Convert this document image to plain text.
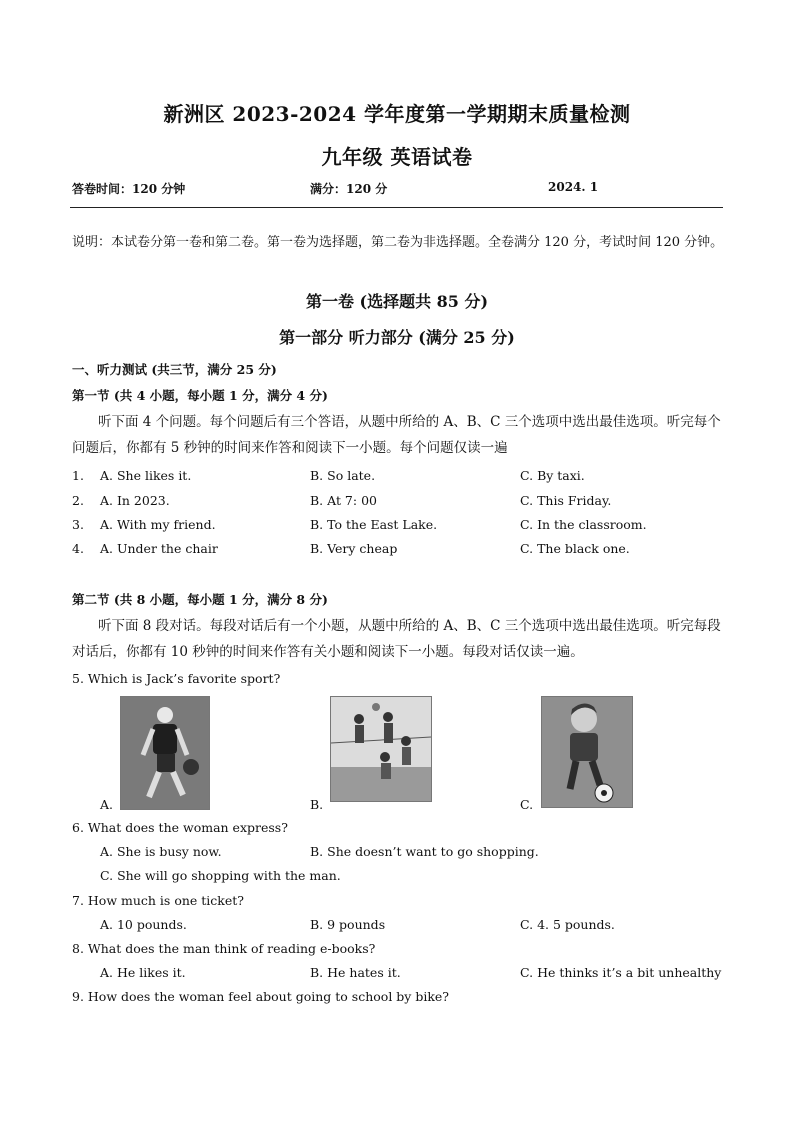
新洲区 2023-2024 学年度第一学期期末质量检测
九年级 英语试卷
答卷时间：120 分钟	满分：120 分	2024. 1
说明：本试卷分第一卷和第二卷。第一卷为选择题，第二卷为非选择题。全卷满分 120 分，考试时间 120 分钟。
第一卷 (选择题共 85 分)
第一部分 听力部分 (满分 25 分)
一、听力测试 (共三节，满分 25 分)
第一节 (共 4 小题，每小题 1 分，满分 4 分)
听下面 4 个问题。每个问题后有三个答语，从题中所给的 A、B、C 三个选项中选出最佳选项。听完每个问题后，你都有 5 秒钟的时间来作答和阅读下一小题。每个问题仅读一遍
1. A. She likes it.	B. So late.	C. By taxi.
2. A. In 2023.	B. At 7: 00	C. This Friday.
3. A. With my friend.	B. To the East Lake.	C. In the classroom.
4. A. Under the chair	B. Very cheap	C. The black one.
第二节 (共 8 小题，每小题 1 分，满分 8 分)
听下面 8 段对话。每段对话后有一个小题，从题中所给的 A、B、C 三个选项中选出最佳选项。听完每段对话后，你都有 10 秒钟的时间来作答有关小题和阅读下一小题。每段对话仅读一遍。
5. Which is Jack’s favorite sport?
A.	B.	C.
6. What does the woman express?
A. She is busy now.	B. She doesn’t want to go shopping.
C. She will go shopping with the man.
7. How much is one ticket?
A. 10 pounds.	B. 9 pounds	C. 4. 5 pounds.
8. What does the man think of reading e-books?
A. He likes it.	B. He hates it.	C. He thinks it’s a bit unhealthy
9. How does the woman feel about going to school by bike?
